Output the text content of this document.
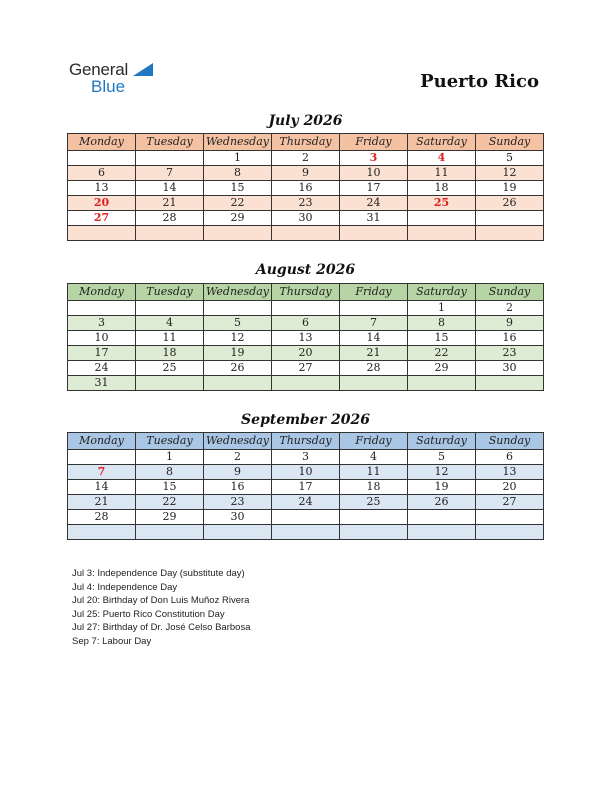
General
Blue	Puerto Rico
July 2026
Monday	Tuesday	Wednesday	Thursday	Friday	Saturday	Sunday
		1	2	3	4	5
6	7	8	9	10	11	12
13	14	15	16	17	18	19
20	21	22	23	24	25	26
27	28	29	30	31		

August 2026
Monday	Tuesday	Wednesday	Thursday	Friday	Saturday	Sunday
					1	2
3	4	5	6	7	8	9
10	11	12	13	14	15	16
17	18	19	20	21	22	23
24	25	26	27	28	29	30
31						
September 2026
Monday	Tuesday	Wednesday	Thursday	Friday	Saturday	Sunday
	1	2	3	4	5	6
7	8	9	10	11	12	13
14	15	16	17	18	19	20
21	22	23	24	25	26	27
28	29	30				

Jul 3: Independence Day (substitute day)
Jul 4: Independence Day
Jul 20: Birthday of Don Luis Muñoz Rivera
Jul 25: Puerto Rico Constitution Day
Jul 27: Birthday of Dr. José Celso Barbosa
Sep 7: Labour Day
